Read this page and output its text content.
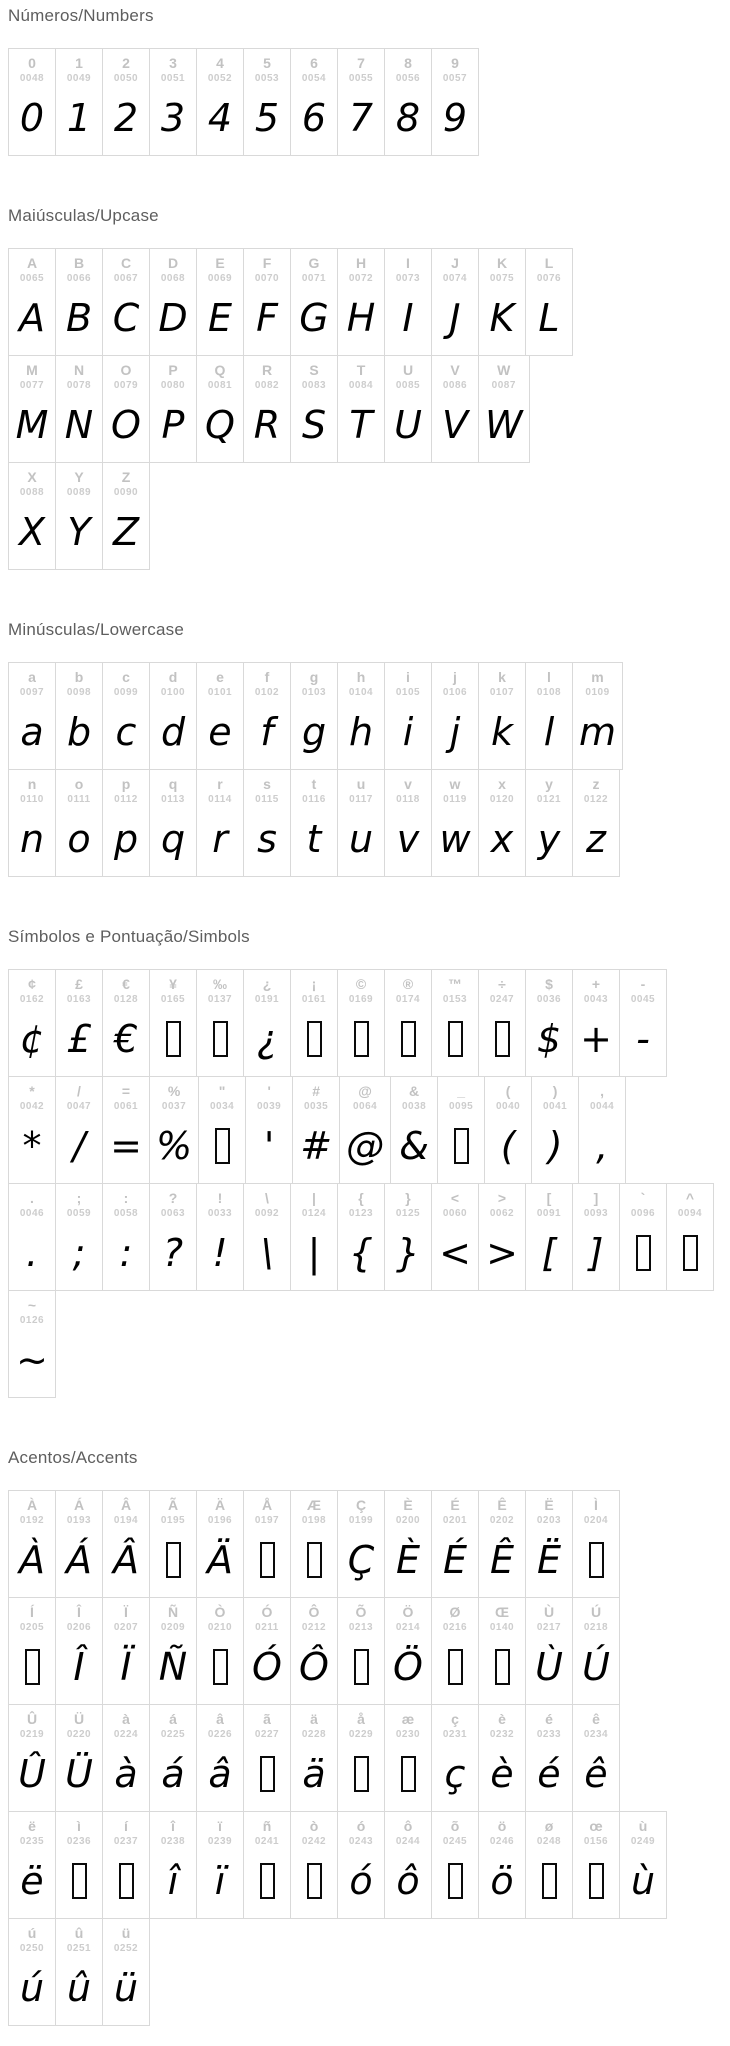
Números/Numbers
0
0048
0
1
0049
1
2
0050
2
3
0051
3
4
0052
4
5
0053
5
6
0054
6
7
0055
7
8
0056
8
9
0057
9
Maiúsculas/Upcase
A
0065
A
B
0066
B
C
0067
C
D
0068
D
E
0069
E
F
0070
F
G
0071
G
H
0072
H
I
0073
I
J
0074
J
K
0075
K
L
0076
L
M
0077
M
N
0078
N
O
0079
O
P
0080
P
Q
0081
Q
R
0082
R
S
0083
S
T
0084
T
U
0085
U
V
0086
V
W
0087
W
X
0088
X
Y
0089
Y
Z
0090
Z
Minúsculas/Lowercase
a
0097
a
b
0098
b
c
0099
c
d
0100
d
e
0101
e
f
0102
f
g
0103
g
h
0104
h
i
0105
i
j
0106
j
k
0107
k
l
0108
l
m
0109
m
n
0110
n
o
0111
o
p
0112
p
q
0113
q
r
0114
r
s
0115
s
t
0116
t
u
0117
u
v
0118
v
w
0119
w
x
0120
x
y
0121
y
z
0122
z
Símbolos e Pontuação/Simbols
¢
0162
¢
£
0163
£
€
0128
€
¥
0165
‰
0137
¿
0191
¿
¡
0161
©
0169
®
0174
™
0153
÷
0247
$
0036
$
+
0043
+
-
0045
-
*
0042
*
/
0047
/
=
0061
=
%
0037
%
"
0034
'
0039
'
#
0035
#
@
0064
@
&
0038
&
_
0095
(
0040
(
)
0041
)
,
0044
,
.
0046
.
;
0059
;
:
0058
:
?
0063
?
!
0033
!
\
0092
\
|
0124
|
{
0123
{
}
0125
}
<
0060
<
>
0062
>
[
0091
[
]
0093
]
`
0096
^
0094
~
0126
~
Acentos/Accents
À
0192
À
Á
0193
Á
Â
0194
Â
Ã
0195
Ä
0196
Ä
Å
0197
Æ
0198
Ç
0199
Ç
È
0200
È
É
0201
É
Ê
0202
Ê
Ë
0203
Ë
Ì
0204
Í
0205
Î
0206
Î
Ï
0207
Ï
Ñ
0209
Ñ
Ò
0210
Ó
0211
Ó
Ô
0212
Ô
Õ
0213
Ö
0214
Ö
Ø
0216
Œ
0140
Ù
0217
Ù
Ú
0218
Ú
Û
0219
Û
Ü
0220
Ü
à
0224
à
á
0225
á
â
0226
â
ã
0227
ä
0228
ä
å
0229
æ
0230
ç
0231
ç
è
0232
è
é
0233
é
ê
0234
ê
ë
0235
ë
ì
0236
í
0237
î
0238
î
ï
0239
ï
ñ
0241
ò
0242
ó
0243
ó
ô
0244
ô
õ
0245
ö
0246
ö
ø
0248
œ
0156
ù
0249
ù
ú
0250
ú
û
0251
û
ü
0252
ü
